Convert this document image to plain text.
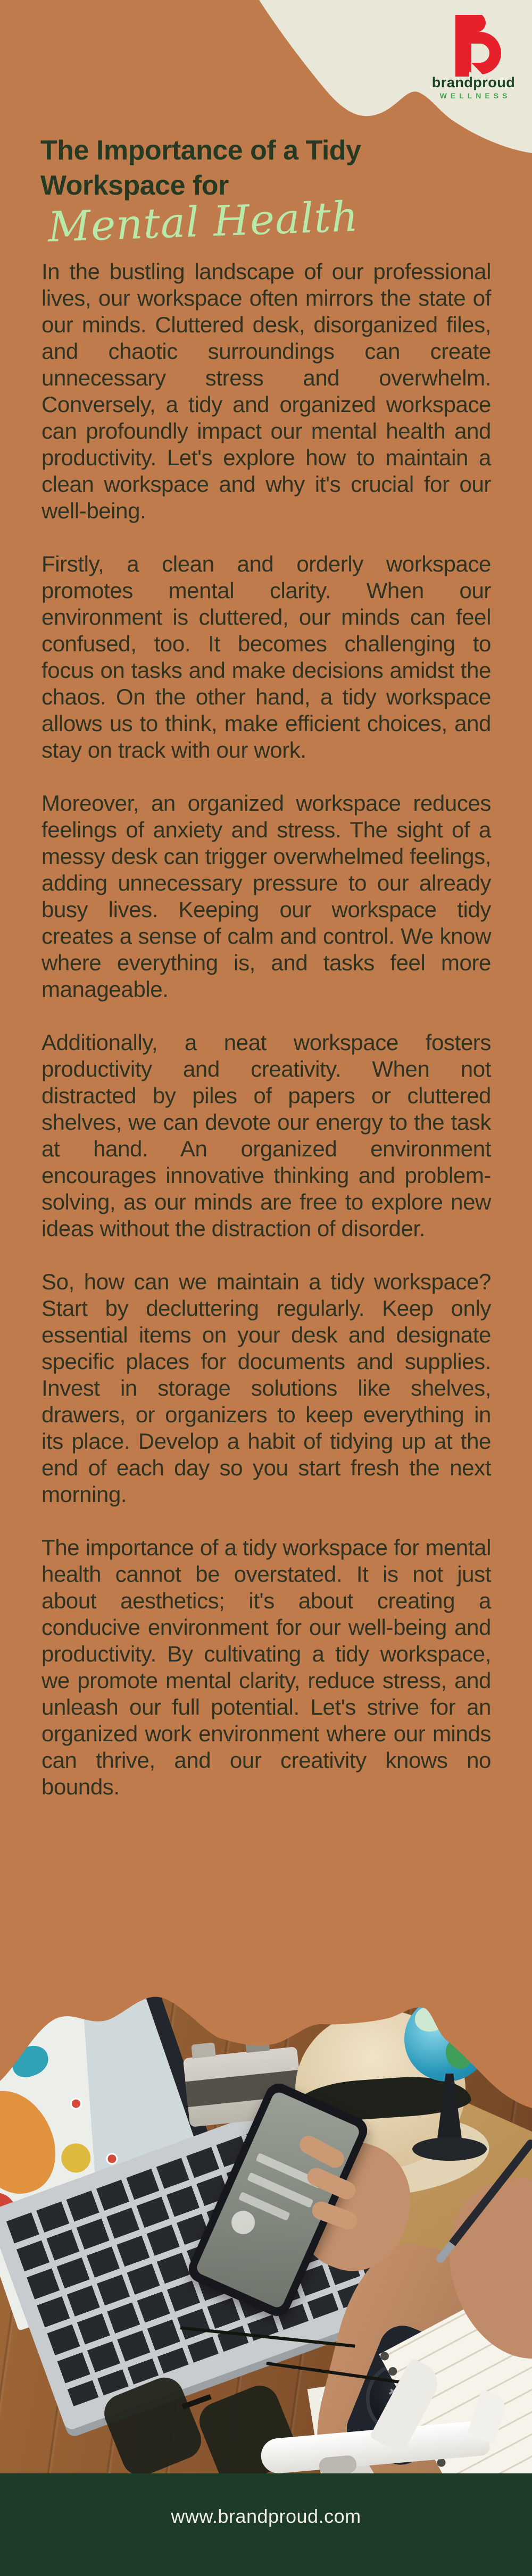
brandproud
WELLNESS
The Importance of a Tidy
Workspace forMental Health

In the bustling landscape of our professional lives, our workspace often mirrors the state of our minds. Cluttered desk, disorganized files, and chaotic surroundings can create unnecessary stress and overwhelm. Conversely, a tidy and organized workspace can profoundly impact our mental health and productivity. Let's explore how to maintain a clean workspace and why it's crucial for our well-being.

Firstly, a clean and orderly workspace promotes mental clarity. When our environment is cluttered, our minds can feel confused, too. It becomes challenging to focus on tasks and make decisions amidst the chaos. On the other hand, a tidy workspace allows us to think, make efficient choices, and stay on track with our work.

Moreover, an organized workspace reduces feelings of anxiety and stress. The sight of a messy desk can trigger overwhelmed feelings, adding unnecessary pressure to our already busy lives. Keeping our workspace tidy creates a sense of calm and control. We know where everything is, and tasks feel more manageable.

Additionally, a neat workspace fosters productivity and creativity. When not distracted by piles of papers or cluttered shelves, we can devote our energy to the task at hand. An organized environment encourages innovative thinking and problem-solving, as our minds are free to explore new ideas without the distraction of disorder.

So, how can we maintain a tidy workspace? Start by decluttering regularly. Keep only essential items on your desk and designate specific places for documents and supplies. Invest in storage solutions like shelves, drawers, or organizers to keep everything in its place. Develop a habit of tidying up at the end of each day so you start fresh the next morning.

The importance of a tidy workspace for mental health cannot be overstated. It is not just about aesthetics; it's about creating a conducive environment for our well-being and productivity. By cultivating a tidy workspace, we promote mental clarity, reduce stress, and unleash our full potential. Let's strive for an organized work environment where our minds can thrive, and our creativity knows no bounds.

www.brandproud.com
